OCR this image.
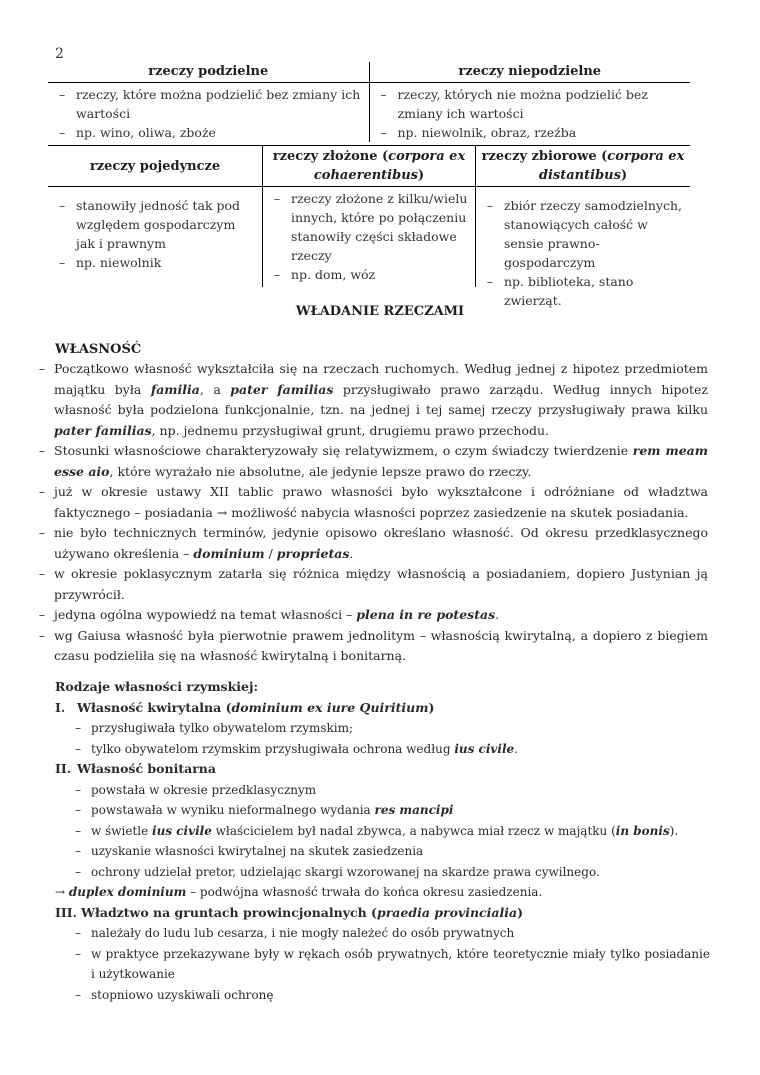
2
rzeczy podzielne	rzeczy niepodzielne
– rzeczy, które można podzielić bez zmiany ich wartości
– np. wino, oliwa, zboże
– rzeczy, których nie można podzielić bez zmiany ich wartości
– np. niewolnik, obraz, rzeźba
rzeczy pojedyncze
rzeczy złożone (corpora ex cohaerentibus)
rzeczy zbiorowe (corpora ex distantibus)
– stanowiły jedność tak pod względem gospodarczym jak i prawnym
– np. niewolnik
– rzeczy złożone z kilku/wielu innych, które po połączeniu stanowiły części składowe rzeczy
– np. dom, wóz
– zbiór rzeczy samodzielnych, stanowiących całość w sensie prawno-gospodarczym
– np. biblioteka, stano zwierząt.
WŁADANIE RZECZAMI
WŁASNOŚĆ
– Początkowo własność wykształciła się na rzeczach ruchomych. Według jednej z hipotez przedmiotem majątku była familia, a pater familias przysługiwało prawo zarządu. Według innych hipotez własność była podzielona funkcjonalnie, tzn. na jednej i tej samej rzeczy przysługiwały prawa kilku pater familias, np. jednemu przysługiwał grunt, drugiemu prawo przechodu.
– Stosunki własnościowe charakteryzowały się relatywizmem, o czym świadczy twierdzenie rem meam esse aio, które wyrażało nie absolutne, ale jedynie lepsze prawo do rzeczy.
– już w okresie ustawy XII tablic prawo własności było wykształcone i odróżniane od władztwa faktycznego – posiadania → możliwość nabycia własności poprzez zasiedzenie na skutek posiadania.
– nie było technicznych terminów, jedynie opisowo określano własność. Od okresu przedklasycznego używano określenia – dominium / proprietas.
– w okresie poklasycznym zatarła się różnica między własnością a posiadaniem, dopiero Justynian ją przywrócił.
– jedyna ogólna wypowiedź na temat własności – plena in re potestas.
– wg Gaiusa własność była pierwotnie prawem jednolitym – własnością kwirytalną, a dopiero z biegiem czasu podzieliła się na własność kwirytalną i bonitarną.
Rodzaje własności rzymskiej:
I. Własność kwirytalna (dominium ex iure Quiritium)
– przysługiwała tylko obywatelom rzymskim;
– tylko obywatelom rzymskim przysługiwała ochrona według ius civile.
II. Własność bonitarna
– powstała w okresie przedklasycznym
– powstawała w wyniku nieformalnego wydania res mancipi
– w świetle ius civile właścicielem był nadal zbywca, a nabywca miał rzecz w majątku (in bonis).
– uzyskanie własności kwirytalnej na skutek zasiedzenia
– ochrony udzielał pretor, udzielając skargi wzorowanej na skardze prawa cywilnego.
→ duplex dominium – podwójna własność trwała do końca okresu zasiedzenia.
III. Władztwo na gruntach prowincjonalnych (praedia provincialia)
– należały do ludu lub cesarza, i nie mogły należeć do osób prywatnych
– w praktyce przekazywane były w rękach osób prywatnych, które teoretycznie miały tylko posiadanie i użytkowanie
– stopniowo uzyskiwali ochronę
